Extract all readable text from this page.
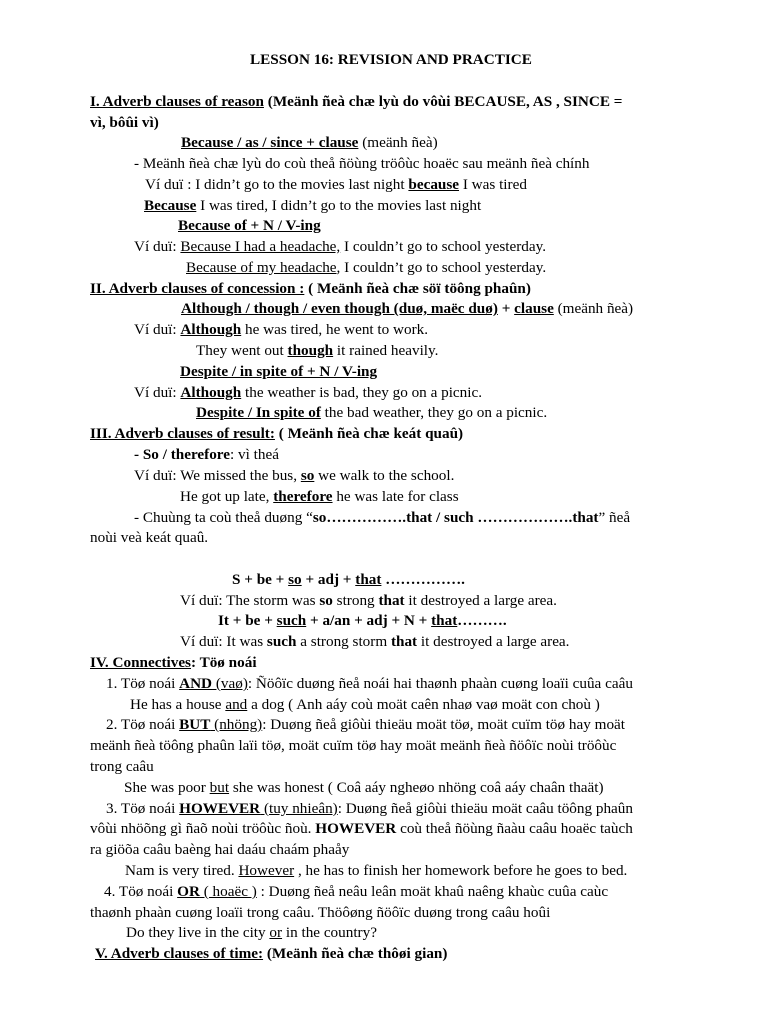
LESSON 16: REVISION AND PRACTICE
I. Adverb clauses of reason (Meänh ñeà chæ lyù do vôùi BECAUSE, AS , SINCE =
vì, bôûi vì)
Because / as / since + clause (meänh ñeà)
- Meänh ñeà chæ lyù do coù theå ñöùng tröôùc hoaëc sau meänh ñeà chính
Ví duï : I didn’t go to the movies last night because I was tired
Because I was tired, I didn’t go to the movies last night
Because of + N / V-ing
Ví duï: Because I had a headache, I couldn’t go to school yesterday.
Because of my headache, I couldn’t go to school yesterday.
II. Adverb clauses of concession : ( Meänh ñeà chæ söï töông phaûn)
Although / though / even though (duø, maëc duø) + clause (meänh ñeà)
Ví duï: Although he was tired, he went to work.
They went out though it rained heavily.
Despite / in spite of + N / V-ing
Ví duï: Although the weather is bad, they go on a picnic.
Despite / In spite of the bad weather, they go on a picnic.
III. Adverb clauses of result: ( Meänh ñeà chæ keát quaû)
- So / therefore: vì theá
Ví duï: We missed the bus, so we walk to the school.
He got up late, therefore he was late for class
- Chuùng ta coù theå duøng “so…………….that / such ……………….that” ñeå
noùi veà keát quaû.
S + be + so + adj + that …………….
Ví duï: The storm was so strong that it destroyed a large area.
It + be + such + a/an + adj + N + that……….
Ví duï: It was such a strong storm that it destroyed a large area.
IV. Connectives: Töø noái
1. Töø noái AND (vaø): Ñöôïc duøng ñeå noái hai thaønh phaàn cuøng loaïi cuûa caâu
He has a house and a dog ( Anh aáy coù moät caên nhaø vaø moät con choù )
2. Töø noái BUT (nhöng): Duøng ñeå giôùi thieäu moät töø, moät cuïm töø hay moät
meänh ñeà töông phaûn laïi töø, moät cuïm töø hay moät meänh ñeà ñöôïc noùi tröôùc
trong caâu
She was poor but she was honest ( Coâ aáy ngheøo nhöng coâ aáy chaân thaät)
3. Töø noái HOWEVER (tuy nhieân): Duøng ñeå giôùi thieäu moät caâu töông phaûn
vôùi nhöõng gì ñaõ noùi tröôùc ñoù. HOWEVER coù theå ñöùng ñaàu caâu hoaëc taùch
ra giöõa caâu baèng hai daáu chaám phaåy
Nam is very tired. However , he has to finish her homework before he goes to bed.
4. Töø noái OR ( hoaëc ) : Duøng ñeå neâu leân moät khaû naêng khaùc cuûa caùc
thaønh phaàn cuøng loaïi trong caâu. Thöôøng ñöôïc duøng trong caâu hoûi
Do they live in the city or in the country?
V. Adverb clauses of time: (Meänh ñeà chæ thôøi gian)
